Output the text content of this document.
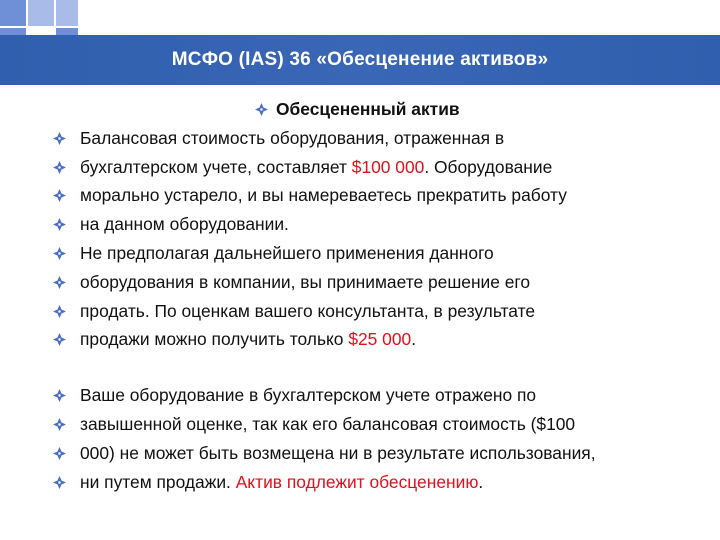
МСФО (IAS) 36 «Обесценение активов»
Обесцененный актив
Балансовая стоимость оборудования, отраженная в
бухгалтерском учете, составляет $100 000. Оборудование
морально устарело, и вы намереваетесь прекратить работу
на данном оборудовании.
Не предполагая дальнейшего применения данного
оборудования в компании, вы принимаете решение его
продать. По оценкам вашего консультанта, в результате
продажи можно получить только $25 000.
Ваше оборудование в бухгалтерском учете отражено по
завышенной оценке, так как его балансовая стоимость ($100
000) не может быть возмещена ни в результате использования,
ни путем продажи. Актив подлежит обесценению.
